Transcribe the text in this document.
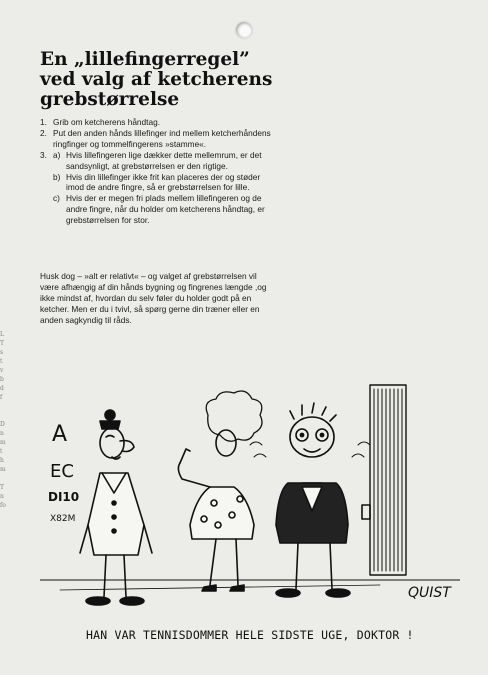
L
T
s
t
v
b
d
f

D
n
m
t
h
m

T
n
fo
En „lillefingerregel” ved valg af ketcherens grebstørrelse
1. Grib om ketcherens håndtag.
2. Put den anden hånds lillefinger ind mellem ketcherhåndens ringfinger og tommelfingerens »stamme«.
3. a) Hvis lillefingeren lige dækker dette mellemrum, er det sandsynligt, at grebstørrelsen er den rigtige.
b) Hvis din lillefinger ikke frit kan placeres der og støder imod de andre fingre, så er grebstørrelsen for lille.
c) Hvis der er megen fri plads mellem lillefingeren og de andre fingre, når du holder om ketcherens håndtag, er grebstørrelsen for stor.

Husk dog – »alt er relativt« – og valget af grebstørrelsen vil være afhængig af din hånds bygning og fingrenes længde ,og ikke mindst af, hvordan du selv føler du holder godt på en ketcher. Men er du i tvivl, så spørg gerne din træner eller en anden sagkyndig til råds.

A
EC
DI10
X82M
QUIST
HAN VAR TENNISDOMMER HELE SIDSTE UGE, DOKTOR !
